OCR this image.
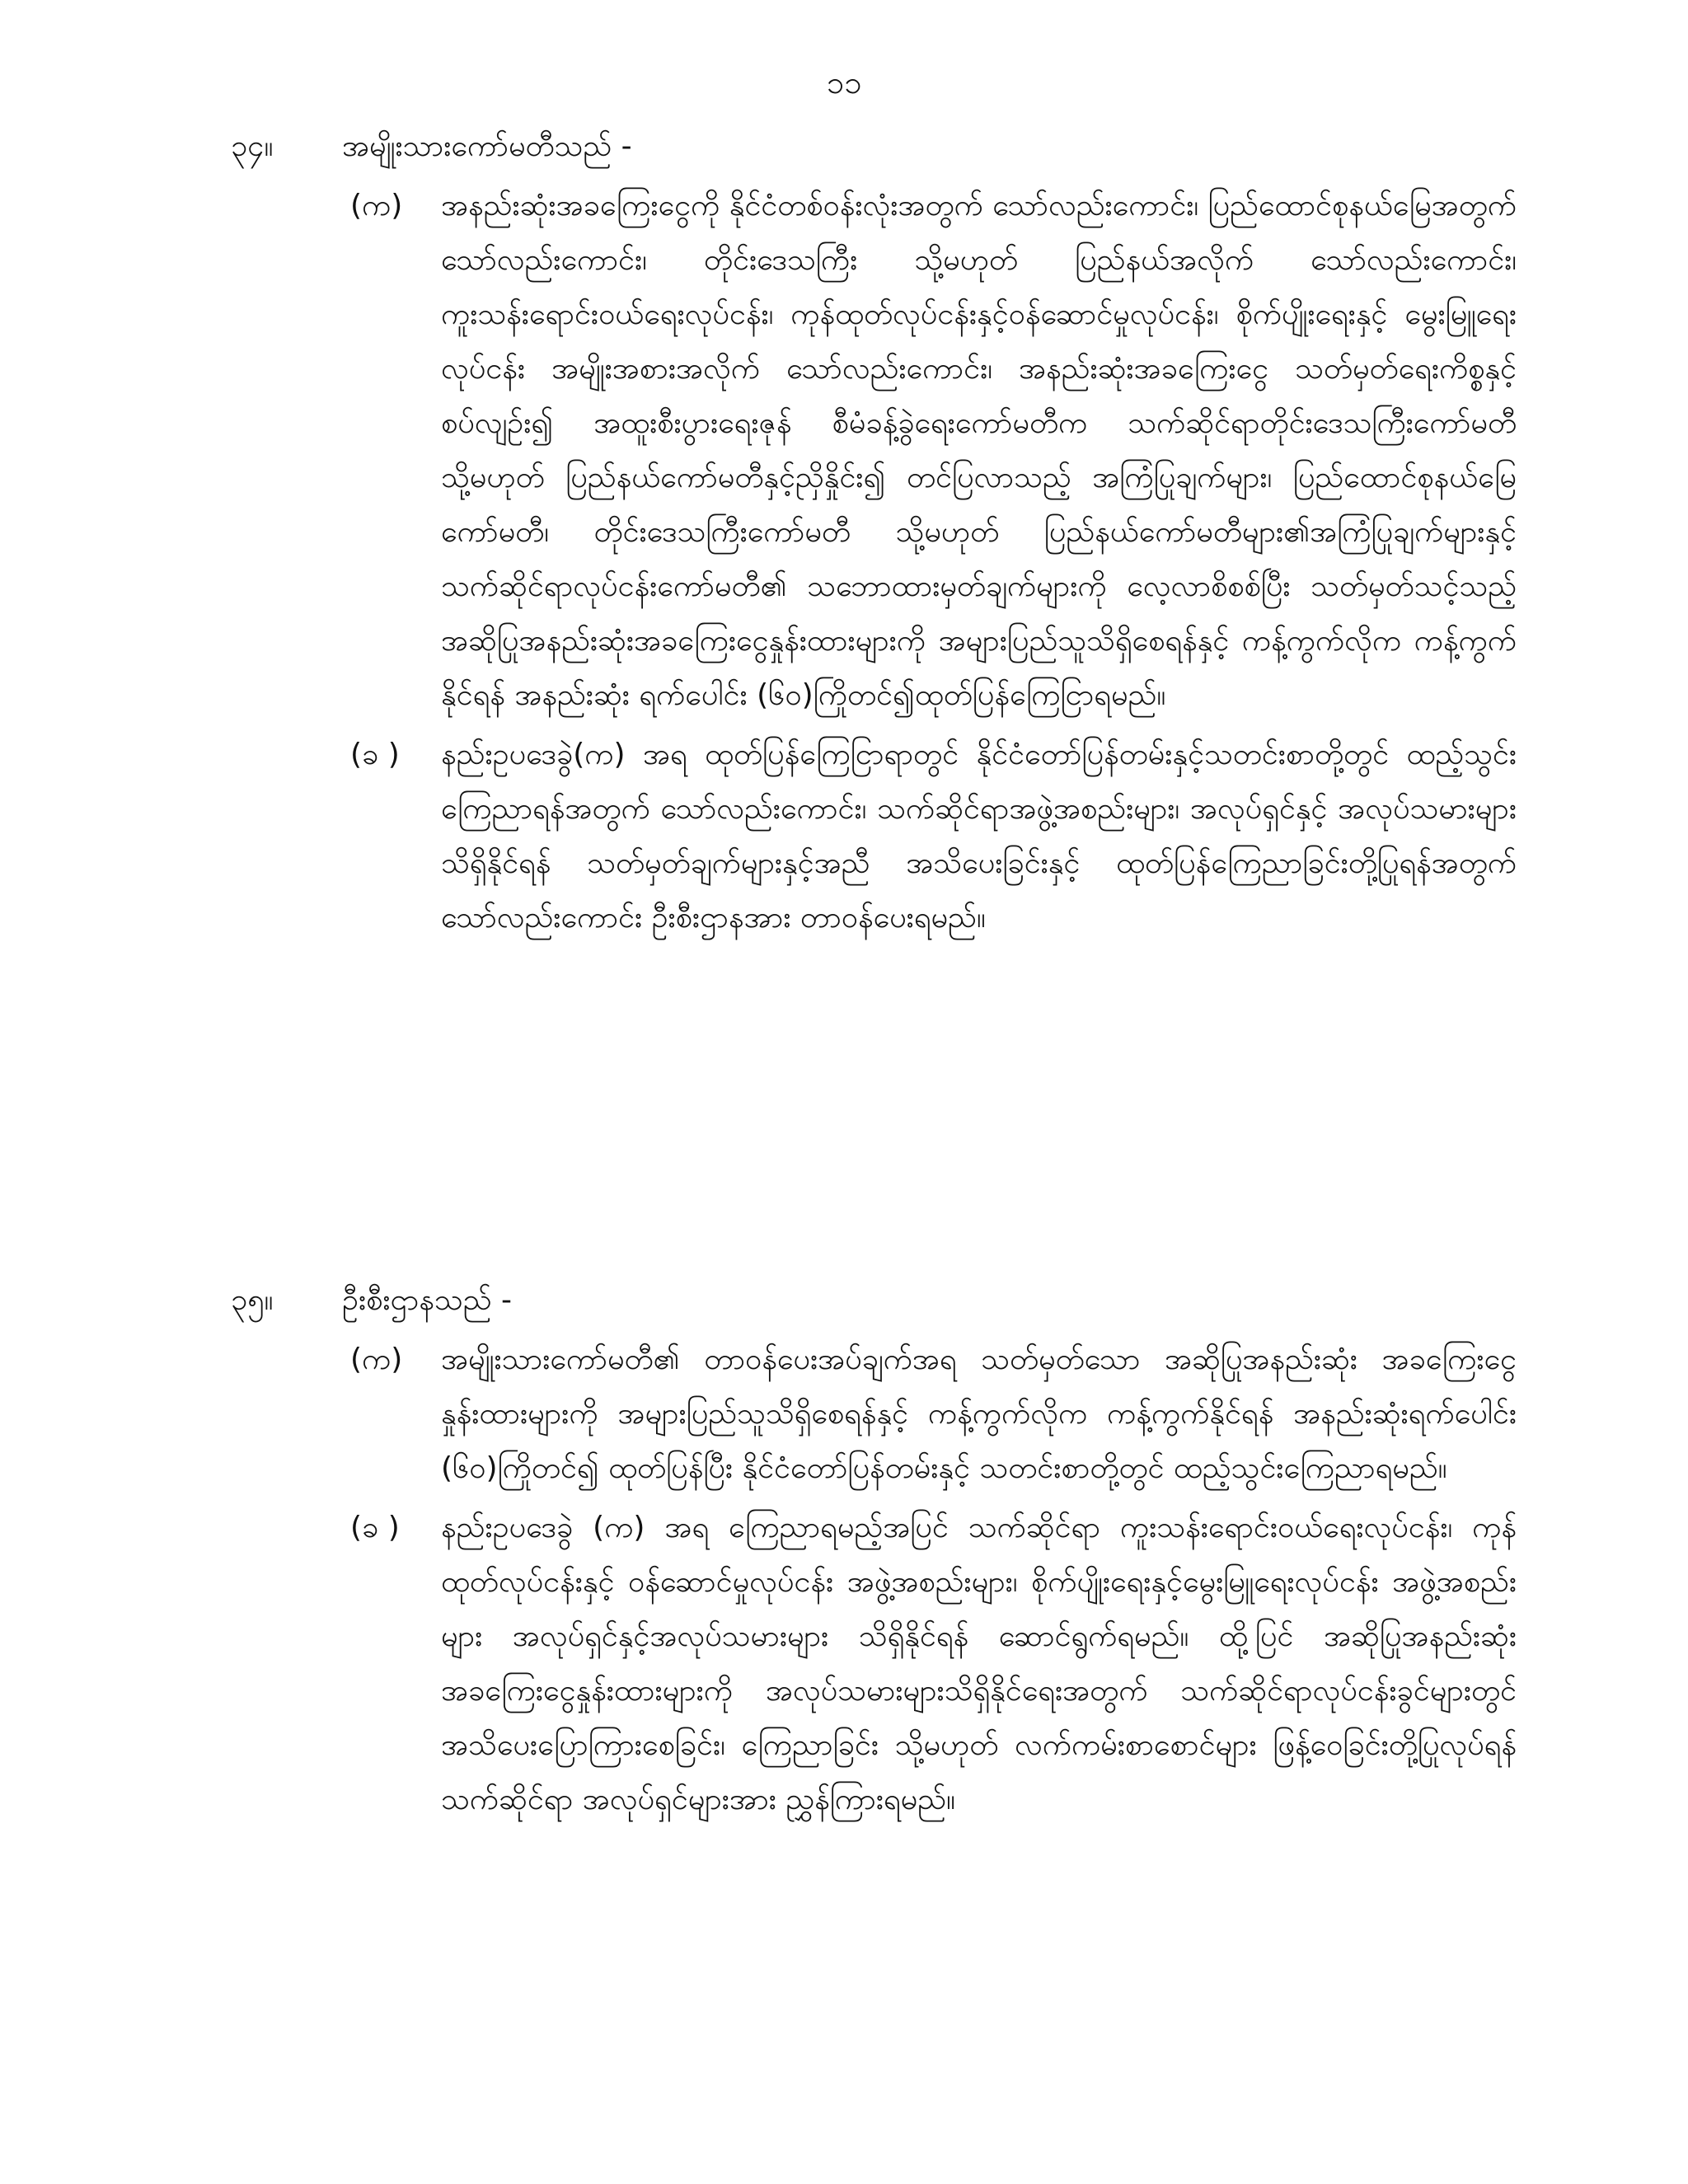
၁၁
၃၄။	အမျိုးသားကော်မတီသည် -
(က)	အနည်းဆုံးအခကြေးငွေကို နိုင်ငံတစ်ဝန်းလုံးအတွက် သော်လည်းကောင်း၊ ပြည်ထောင်စုနယ်မြေအတွက် သော်လည်းကောင်း၊ တိုင်းဒေသကြီး သို့မဟုတ် ပြည်နယ်အလိုက် သော်လည်းကောင်း၊ ကူးသန်းရောင်းဝယ်ရေးလုပ်ငန်း၊ ကုန်ထုတ်လုပ်ငန်းနှင့်ဝန်ဆောင်မှုလုပ်ငန်း၊ စိုက်ပျိုးရေးနှင့် မွေးမြူရေးလုပ်ငန်း အမျိုးအစားအလိုက် သော်လည်းကောင်း၊ အနည်းဆုံးအခကြေးငွေ သတ်မှတ်ရေးကိစ္စနှင့်စပ်လျဉ်း၍ အထူးစီးပွားရေးဇုန် စီမံခန့်ခွဲရေးကော်မတီက သက်ဆိုင်ရာတိုင်းဒေသကြီးကော်မတီ သို့မဟုတ် ပြည်နယ်ကော်မတီနှင့်ညှိနှိုင်း၍ တင်ပြလာသည့် အကြံပြုချက်များ၊ ပြည်ထောင်စုနယ်မြေကော်မတီ၊ တိုင်းဒေသကြီးကော်မတီ သို့မဟုတ် ပြည်နယ်ကော်မတီများ၏အကြံပြုချက်များနှင့် သက်ဆိုင်ရာလုပ်ငန်းကော်မတီ၏ သဘောထားမှတ်ချက်များကို လေ့လာစိစစ်ပြီး သတ်မှတ်သင့်သည့် အဆိုပြုအနည်းဆုံးအခကြေးငွေနှုန်းထားများကို အများပြည်သူသိရှိစေရန်နှင့် ကန့်ကွက်လိုက ကန့်ကွက်နိုင်ရန် အနည်းဆုံး ရက်ပေါင်း (၆၀)ကြိုတင်၍ထုတ်ပြန်ကြေငြာရမည်။
(ခ )	နည်းဥပဒေခွဲ(က) အရ ထုတ်ပြန်ကြေငြာရာတွင် နိုင်ငံတော်ပြန်တမ်းနှင့်သတင်းစာတို့တွင် ထည့်သွင်းကြေညာရန်အတွက် သော်လည်းကောင်း၊ သက်ဆိုင်ရာအဖွဲ့အစည်းများ၊ အလုပ်ရှင်နှင့် အလုပ်သမားများသိရှိနိုင်ရန် သတ်မှတ်ချက်များနှင့်အညီ အသိပေးခြင်းနှင့် ထုတ်ပြန်ကြေညာခြင်းတို့ပြုရန်အတွက် သော်လည်းကောင်း ဦးစီးဌာနအား တာဝန်ပေးရမည်။
၃၅။	ဦးစီးဌာနသည် -
(က)	အမျိုးသားကော်မတီ၏ တာဝန်ပေးအပ်ချက်အရ သတ်မှတ်သော အဆိုပြုအနည်းဆုံး အခကြေးငွေနှုန်းထားများကို အများပြည်သူသိရှိစေရန်နှင့် ကန့်ကွက်လိုက ကန့်ကွက်နိုင်ရန် အနည်းဆုံးရက်ပေါင်း (၆၀)ကြိုတင်၍ ထုတ်ပြန်ပြီး နိုင်ငံတော်ပြန်တမ်းနှင့် သတင်းစာတို့တွင် ထည့်သွင်းကြေညာရမည်။
(ခ )	နည်းဥပဒေခွဲ (က) အရ ကြေညာရမည့်အပြင် သက်ဆိုင်ရာ ကူးသန်းရောင်းဝယ်ရေးလုပ်ငန်း၊ ကုန်ထုတ်လုပ်ငန်းနှင့် ဝန်ဆောင်မှုလုပ်ငန်း အဖွဲ့အစည်းများ၊ စိုက်ပျိုးရေးနှင့်မွေးမြူရေးလုပ်ငန်း အဖွဲ့အစည်းများ အလုပ်ရှင်နှင့်အလုပ်သမားများ သိရှိနိုင်ရန် ဆောင်ရွက်ရမည်။ ထို့ပြင် အဆိုပြုအနည်းဆုံးအခကြေးငွေနှုန်းထားများကို အလုပ်သမားများသိရှိနိုင်ရေးအတွက် သက်ဆိုင်ရာလုပ်ငန်းခွင်များတွင် အသိပေးပြောကြားစေခြင်း၊ ကြေညာခြင်း သို့မဟုတ် လက်ကမ်းစာစောင်များ ဖြန့်ဝေခြင်းတို့ပြုလုပ်ရန် သက်ဆိုင်ရာ အလုပ်ရှင်များအား ညွှန်ကြားရမည်။
